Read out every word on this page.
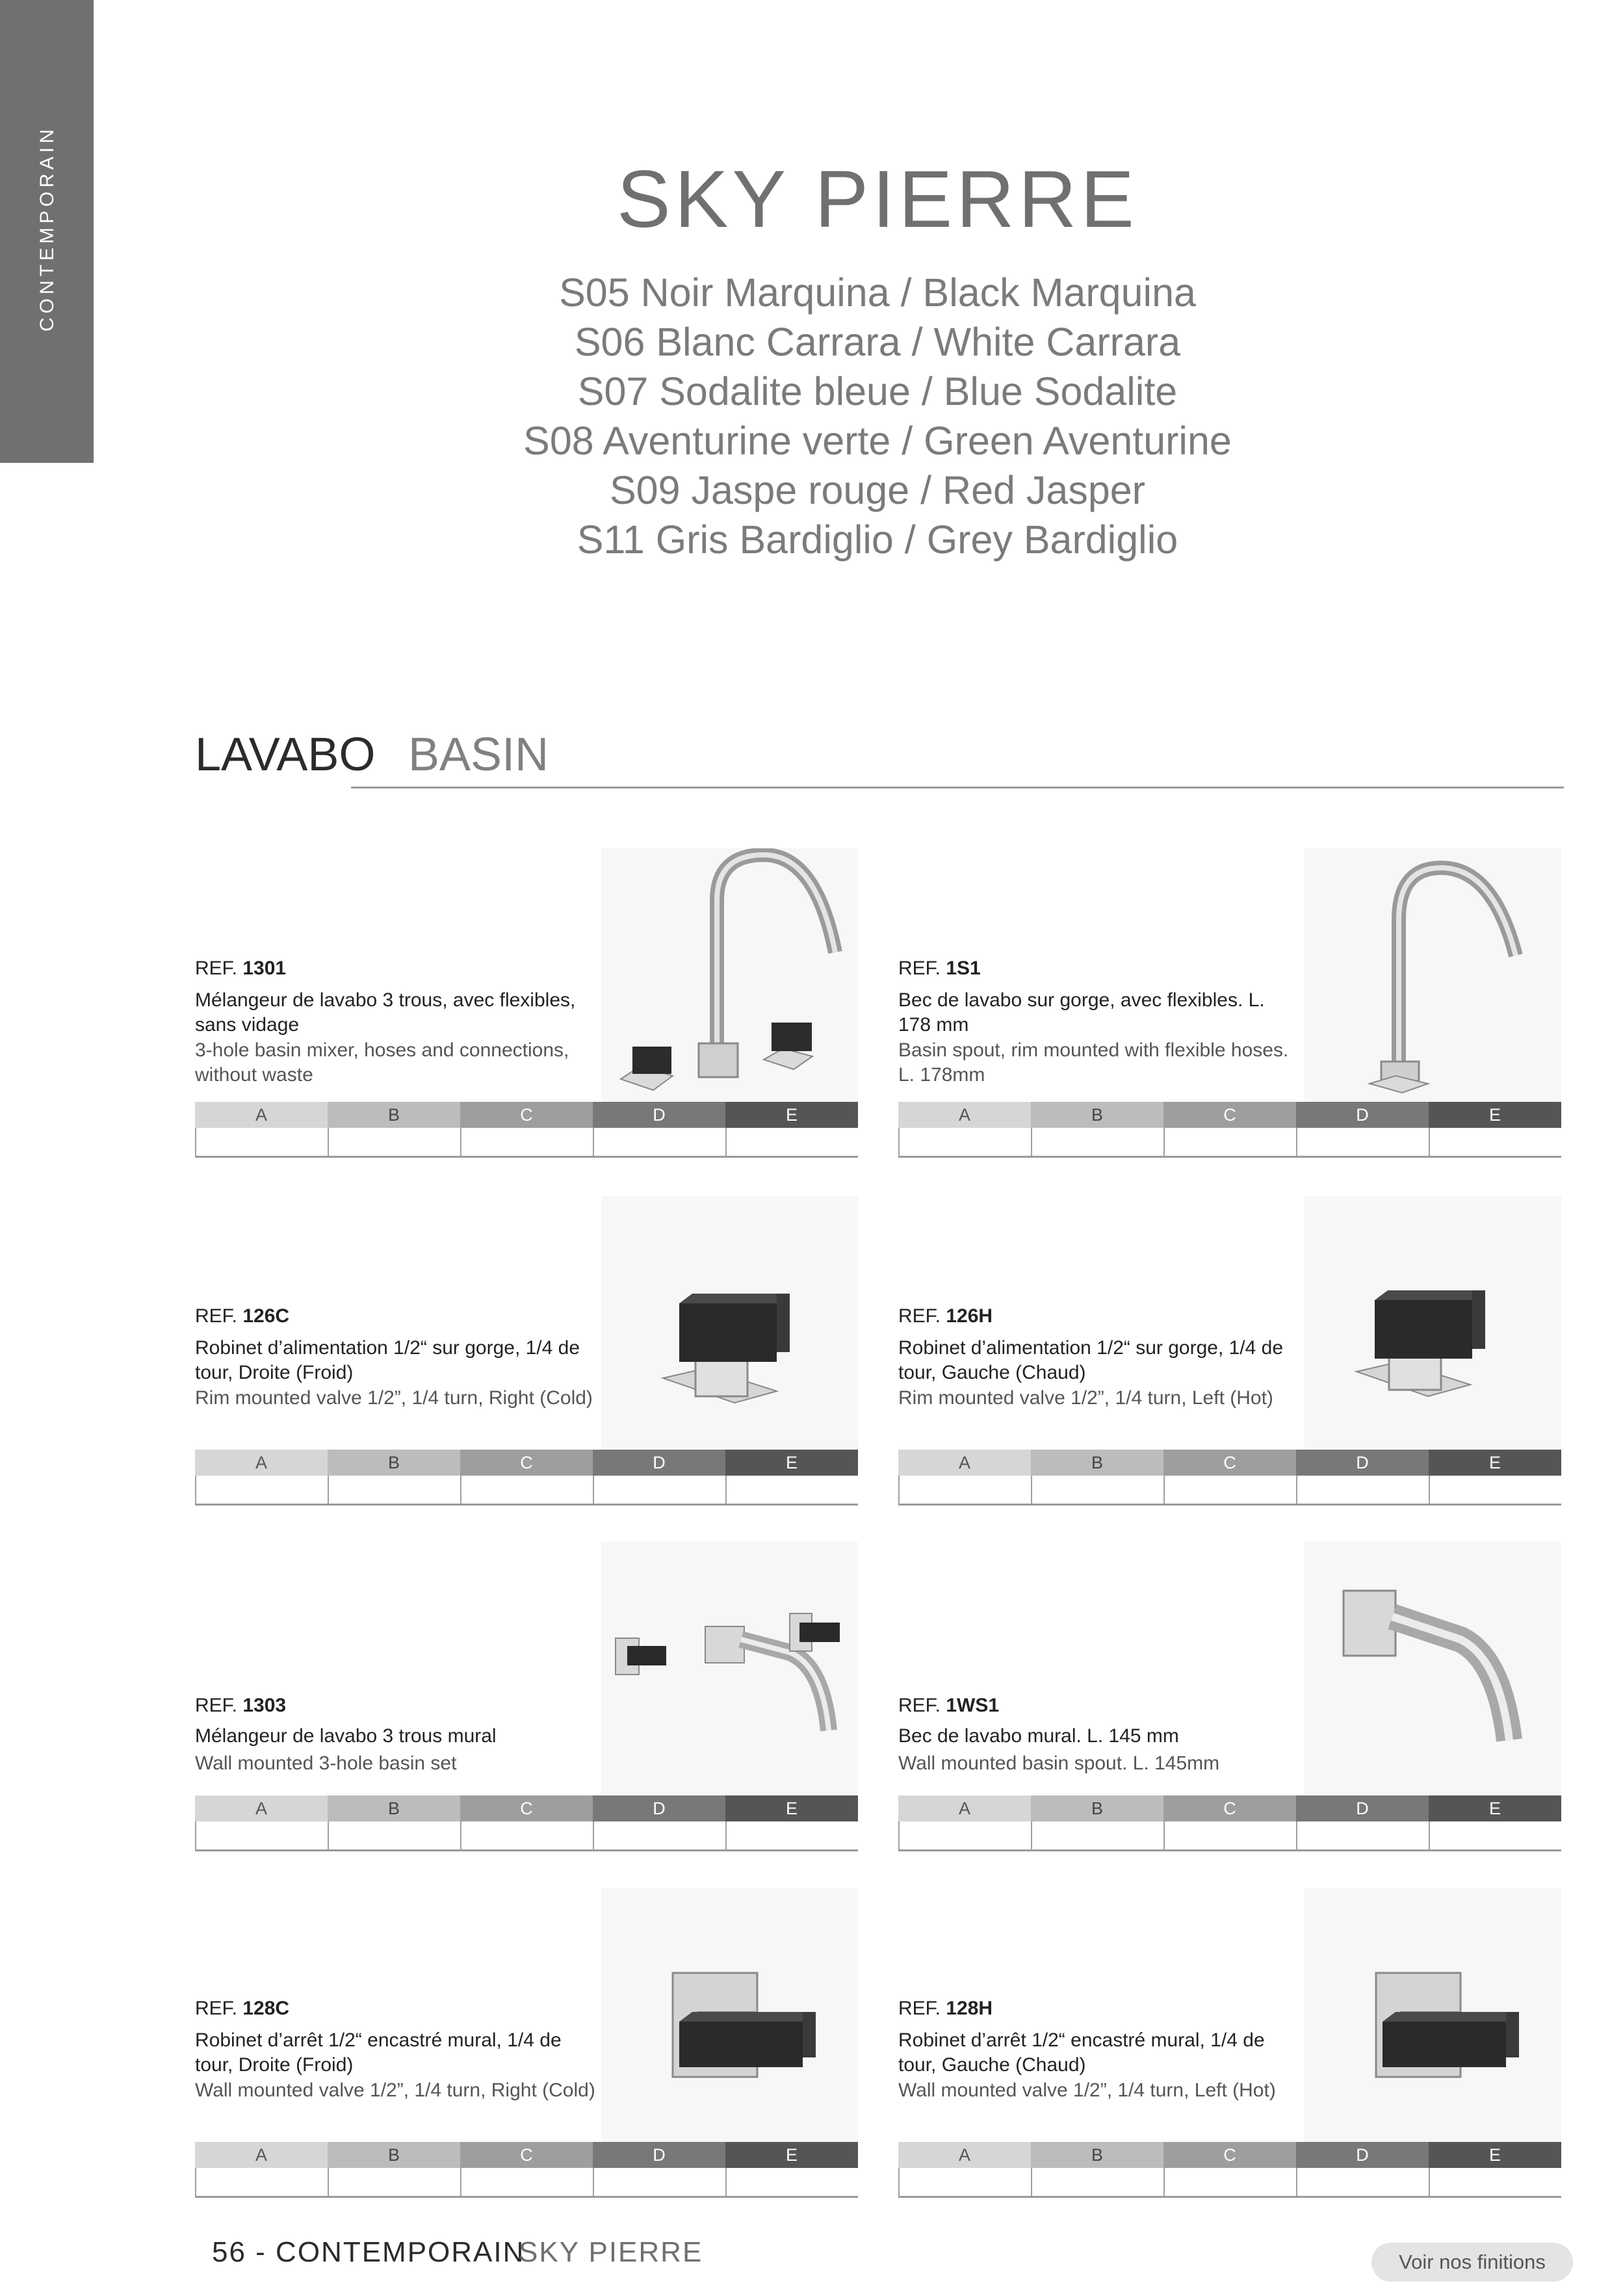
CONTEMPORAIN	SKY PIERRE
S05 Noir Marquina / Black Marquina
S06 Blanc Carrara / White Carrara
S07 Sodalite bleue / Blue Sodalite
S08 Aventurine verte / Green Aventurine
S09 Jaspe rouge / Red Jasper
S11 Gris Bardiglio / Grey Bardiglio
LAVABO BASIN
REF. 1301
Mélangeur de lavabo 3 trous, avec flexibles, sans vidage
3-hole basin mixer, hoses and connections, without waste
A	B	C	D	E
REF. 1S1
Bec de lavabo sur gorge, avec flexibles. L. 178 mm
Basin spout, rim mounted with flexible hoses. L. 178mm
A	B	C	D	E
REF. 126C
Robinet d’alimentation 1/2“ sur gorge, 1/4 de tour, Droite (Froid)
Rim mounted valve 1/2”, 1/4 turn, Right (Cold)
A	B	C	D	E
REF. 126H
Robinet d’alimentation 1/2“ sur gorge, 1/4 de tour, Gauche (Chaud)
Rim mounted valve 1/2”, 1/4 turn, Left (Hot)
A	B	C	D	E
REF. 1303
Mélangeur de lavabo 3 trous mural
Wall mounted 3-hole basin set
A	B	C	D	E
REF. 1WS1
Bec de lavabo mural. L. 145 mm
Wall mounted basin spout. L. 145mm
A	B	C	D	E
REF. 128C
Robinet d’arrêt 1/2“ encastré mural, 1/4 de tour, Droite (Froid)
Wall mounted valve 1/2”, 1/4 turn, Right (Cold)
A	B	C	D	E
REF. 128H
Robinet d’arrêt 1/2“ encastré mural, 1/4 de tour, Gauche (Chaud)
Wall mounted valve 1/2”, 1/4 turn, Left (Hot)
A	B	C	D	E
56 - CONTEMPORAIN
SKY PIERRE	Voir nos finitions
